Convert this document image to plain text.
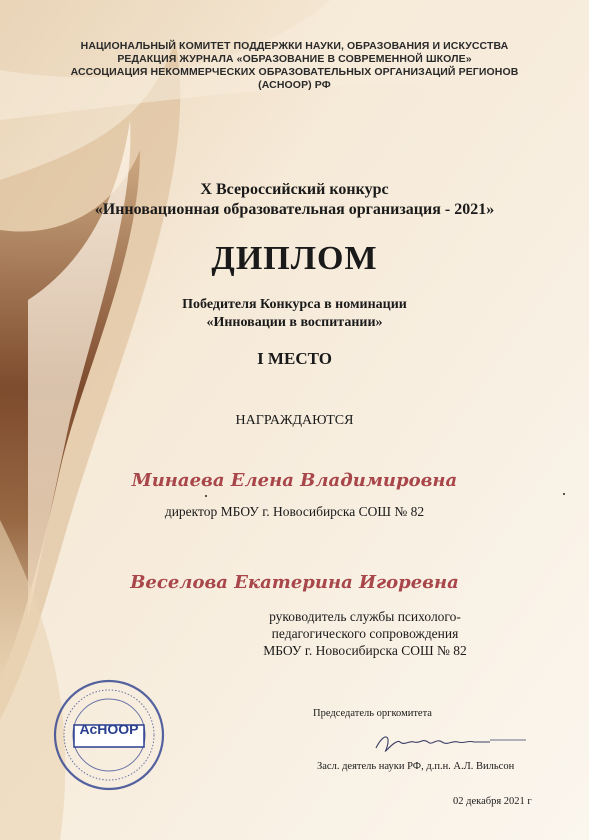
НАЦИОНАЛЬНЫЙ КОМИТЕТ ПОДДЕРЖКИ НАУКИ, ОБРАЗОВАНИЯ И ИСКУССТВА
РЕДАКЦИЯ ЖУРНАЛА «ОБРАЗОВАНИЕ В СОВРЕМЕННОЙ ШКОЛЕ»
АССОЦИАЦИЯ НЕКОММЕРЧЕСКИХ ОБРАЗОВАТЕЛЬНЫХ ОРГАНИЗАЦИЙ РЕГИОНОВ
(АСНООР) РФ
X Всероссийский конкурс
«Инновационная образовательная организация - 2021»
ДИПЛОМ
Победителя Конкурса в номинации
«Инновации в воспитании»
I МЕСТО
НАГРАЖДАЮТСЯ
Минаева Елена Владимировна
директор МБОУ г. Новосибирска СОШ № 82
Веселова Екатерина Игоревна
руководитель службы психолого-
педагогического сопровождения
МБОУ г. Новосибирска СОШ № 82
АсНООР
Председатель оргкомитета
Засл. деятель науки РФ, д.п.н. А.Л. Вильсон
02 декабря 2021 г
